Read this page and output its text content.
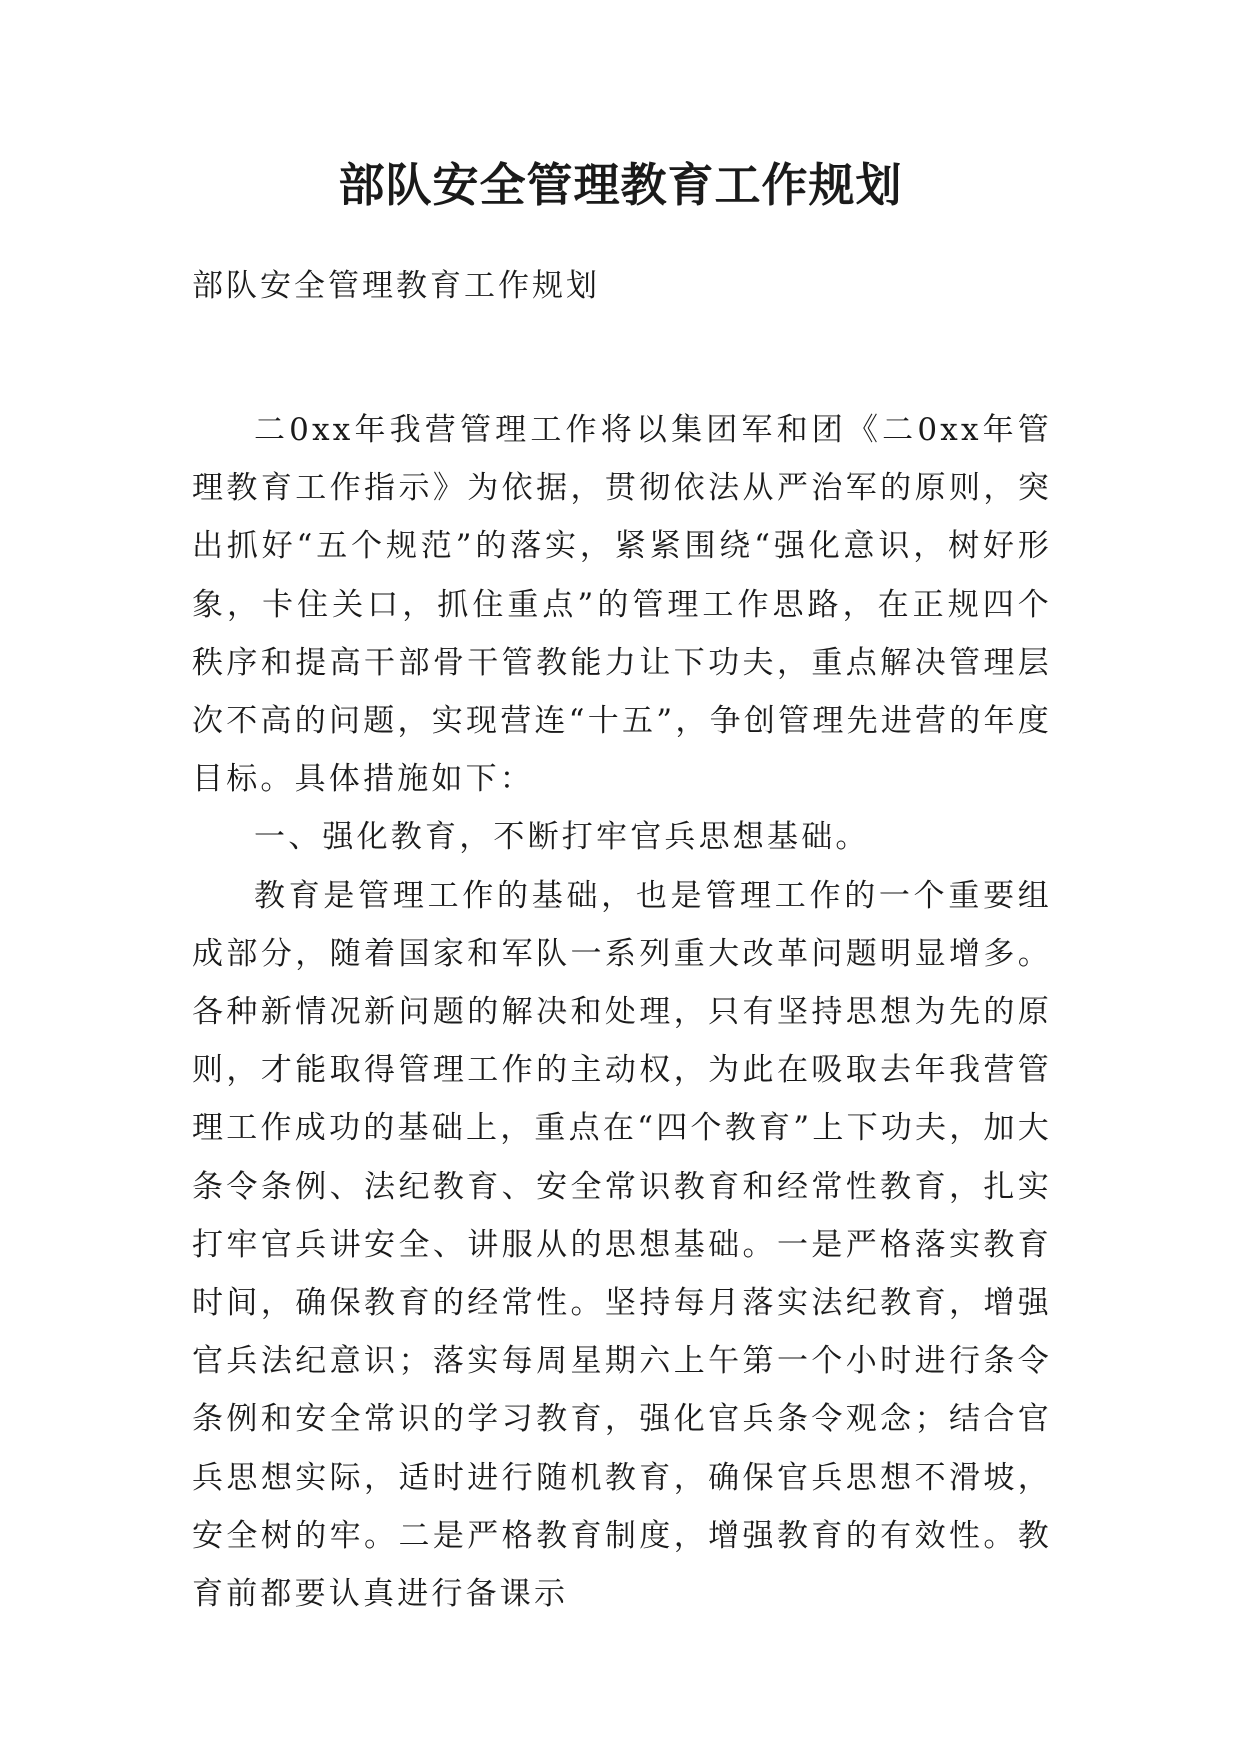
部队安全管理教育工作规划
部队安全管理教育工作规划

二0xx年我营管理工作将以集团军和团《二0xx年管理教育工作指示》为依据，贯彻依法从严治军的原则，突出抓好“五个规范”的落实，紧紧围绕“强化意识，树好形象，卡住关口，抓住重点”的管理工作思路，在正规四个秩序和提高干部骨干管教能力让下功夫，重点解决管理层次不高的问题，实现营连“十五”，争创管理先进营的年度目标。具体措施如下：

一、强化教育，不断打牢官兵思想基础。

教育是管理工作的基础，也是管理工作的一个重要组成部分，随着国家和军队一系列重大改革问题明显增多。各种新情况新问题的解决和处理，只有坚持思想为先的原则，才能取得管理工作的主动权，为此在吸取去年我营管理工作成功的基础上，重点在“四个教育”上下功夫，加大条令条例、法纪教育、安全常识教育和经常性教育，扎实打牢官兵讲安全、讲服从的思想基础。一是严格落实教育时间，确保教育的经常性。坚持每月落实法纪教育，增强官兵法纪意识；落实每周星期六上午第一个小时进行条令条例和安全常识的学习教育，强化官兵条令观念；结合官兵思想实际，适时进行随机教育，确保官兵思想不滑坡，安全树的牢。二是严格教育制度，增强教育的有效性。教育前都要认真进行备课示
